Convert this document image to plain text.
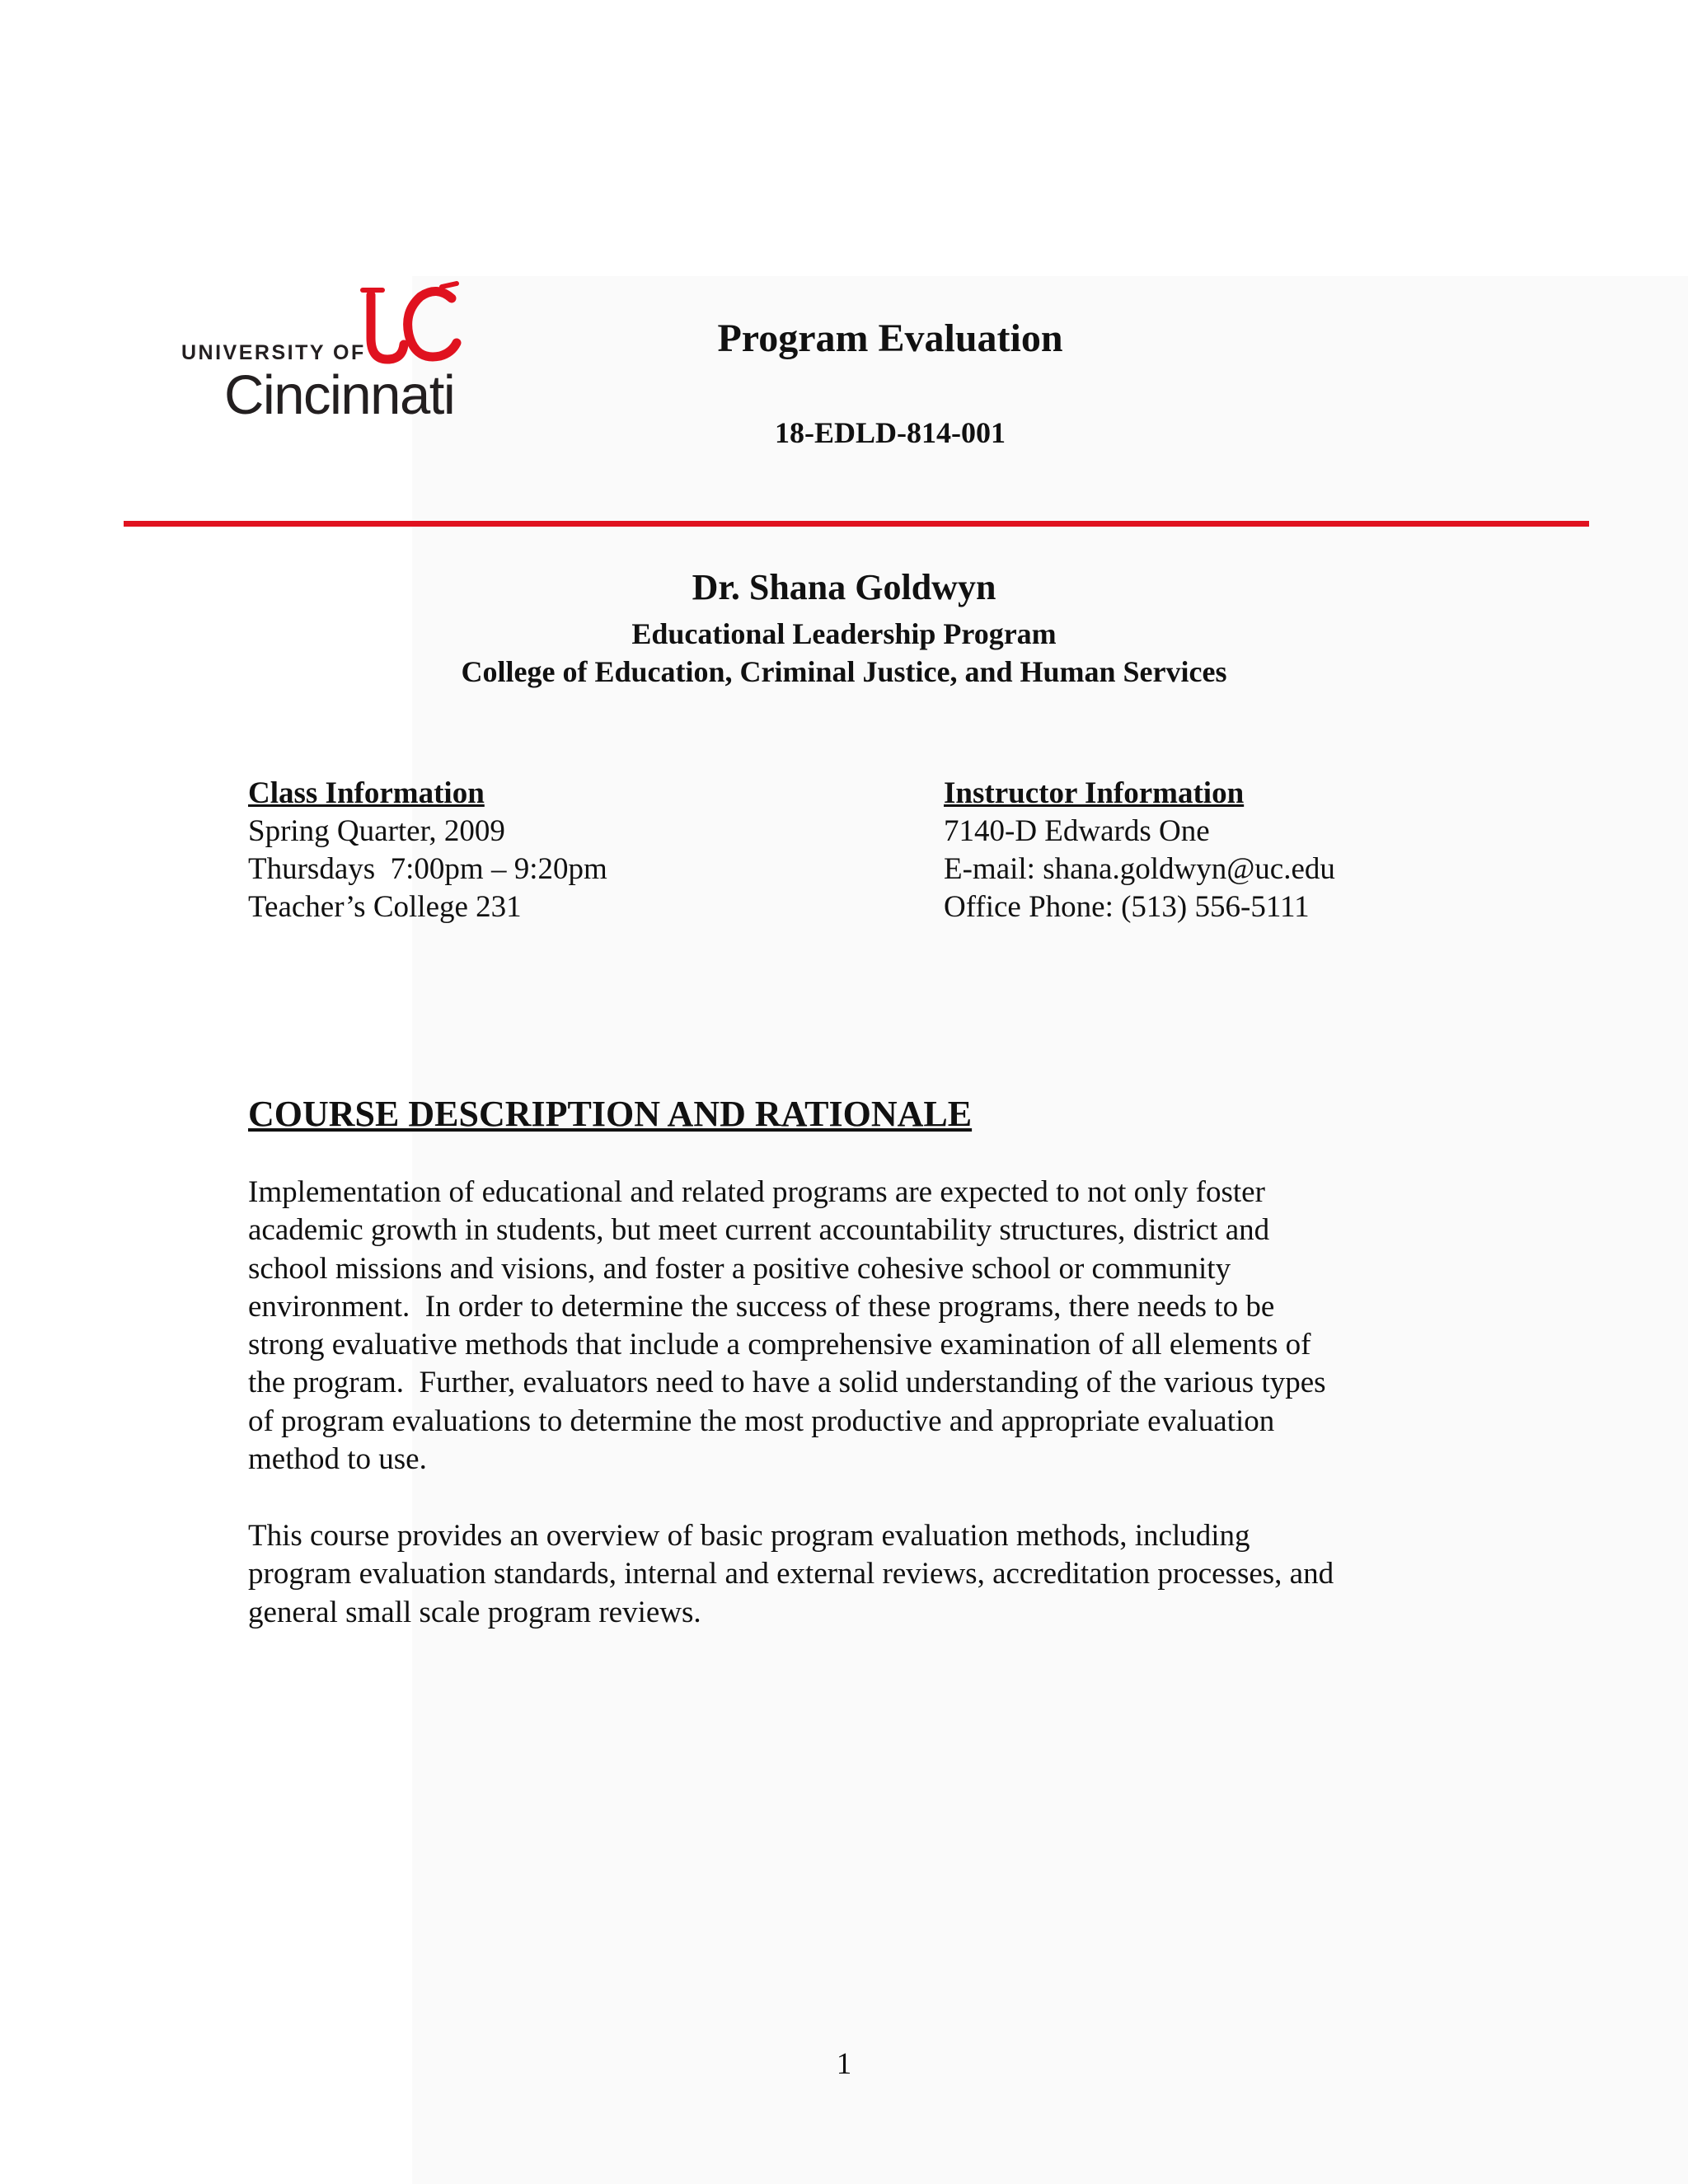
UNIVERSITY OF
Cincinnati
Program Evaluation
18-EDLD-814-001
Dr. Shana Goldwyn
Educational Leadership Program
College of Education, Criminal Justice, and Human Services
Class Information
Spring Quarter, 2009
Thursdays  7:00pm – 9:20pm
Teacher’s College 231
Instructor Information
7140-D Edwards One
E-mail: shana.goldwyn@uc.edu
Office Phone: (513) 556-5111
COURSE DESCRIPTION AND RATIONALE
Implementation of educational and related programs are expected to not only foster
academic growth in students, but meet current accountability structures, district and
school missions and visions, and foster a positive cohesive school or community
environment.  In order to determine the success of these programs, there needs to be
strong evaluative methods that include a comprehensive examination of all elements of
the program.  Further, evaluators need to have a solid understanding of the various types
of program evaluations to determine the most productive and appropriate evaluation
method to use.
This course provides an overview of basic program evaluation methods, including
program evaluation standards, internal and external reviews, accreditation processes, and
general small scale program reviews.
1
